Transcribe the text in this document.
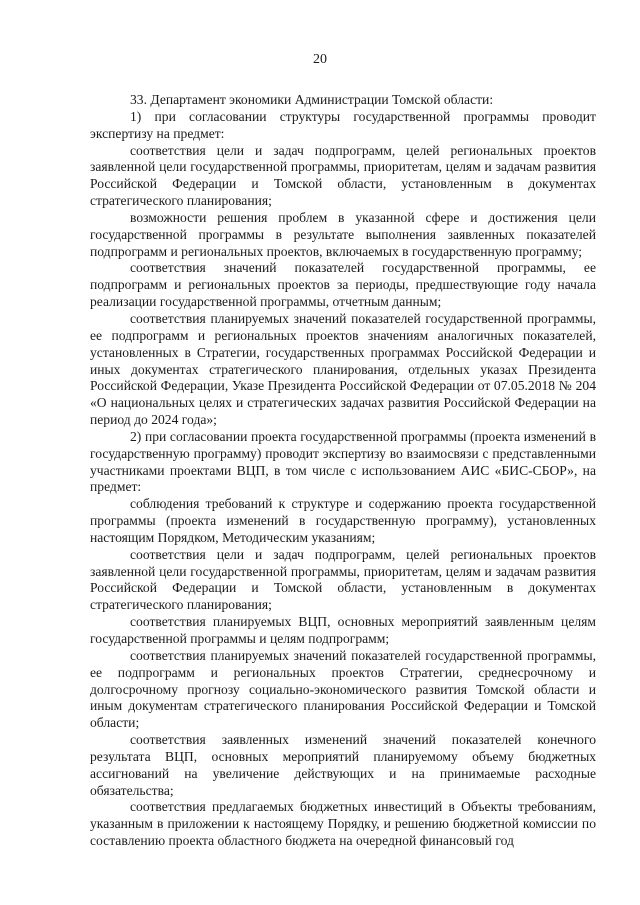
20

33. Департамент экономики Администрации Томской области:

1) при согласовании структуры государственной программы проводит экспертизу на предмет:

соответствия цели и задач подпрограмм, целей региональных проектов заявленной цели государственной программы, приоритетам, целям и задачам развития Российской Федерации и Томской области, установленным в документах стратегического планирования;

возможности решения проблем в указанной сфере и достижения цели государственной программы в результате выполнения заявленных показателей подпрограмм и региональных проектов, включаемых в государственную программу;

соответствия значений показателей государственной программы, ее подпрограмм и региональных проектов за периоды, предшествующие году начала реализации государственной программы, отчетным данным;

соответствия планируемых значений показателей государственной программы, ее подпрограмм и региональных проектов значениям аналогичных показателей, установленных в Стратегии, государственных программах Российской Федерации и иных документах стратегического планирования, отдельных указах Президента Российской Федерации, Указе Президента Российской Федерации от 07.05.2018 № 204 «О национальных целях и стратегических задачах развития Российской Федерации на период до 2024 года»;

2) при согласовании проекта государственной программы (проекта изменений в государственную программу) проводит экспертизу во взаимосвязи с представленными участниками проектами ВЦП, в том числе с использованием АИС «БИС-СБОР», на предмет:

соблюдения требований к структуре и содержанию проекта государственной программы (проекта изменений в государственную программу), установленных настоящим Порядком, Методическим указаниям;

соответствия цели и задач подпрограмм, целей региональных проектов заявленной цели государственной программы, приоритетам, целям и задачам развития Российской Федерации и Томской области, установленным в документах стратегического планирования;

соответствия планируемых ВЦП, основных мероприятий заявленным целям государственной программы и целям подпрограмм;

соответствия планируемых значений показателей государственной программы, ее подпрограмм и региональных проектов Стратегии, среднесрочному и долгосрочному прогнозу социально-экономического развития Томской области и иным документам стратегического планирования Российской Федерации и Томской области;

соответствия заявленных изменений значений показателей конечного результата ВЦП, основных мероприятий планируемому объему бюджетных ассигнований на увеличение действующих и на принимаемые расходные обязательства;

соответствия предлагаемых бюджетных инвестиций в Объекты требованиям, указанным в приложении к настоящему Порядку, и решению бюджетной комиссии по составлению проекта областного бюджета на очередной финансовый год
